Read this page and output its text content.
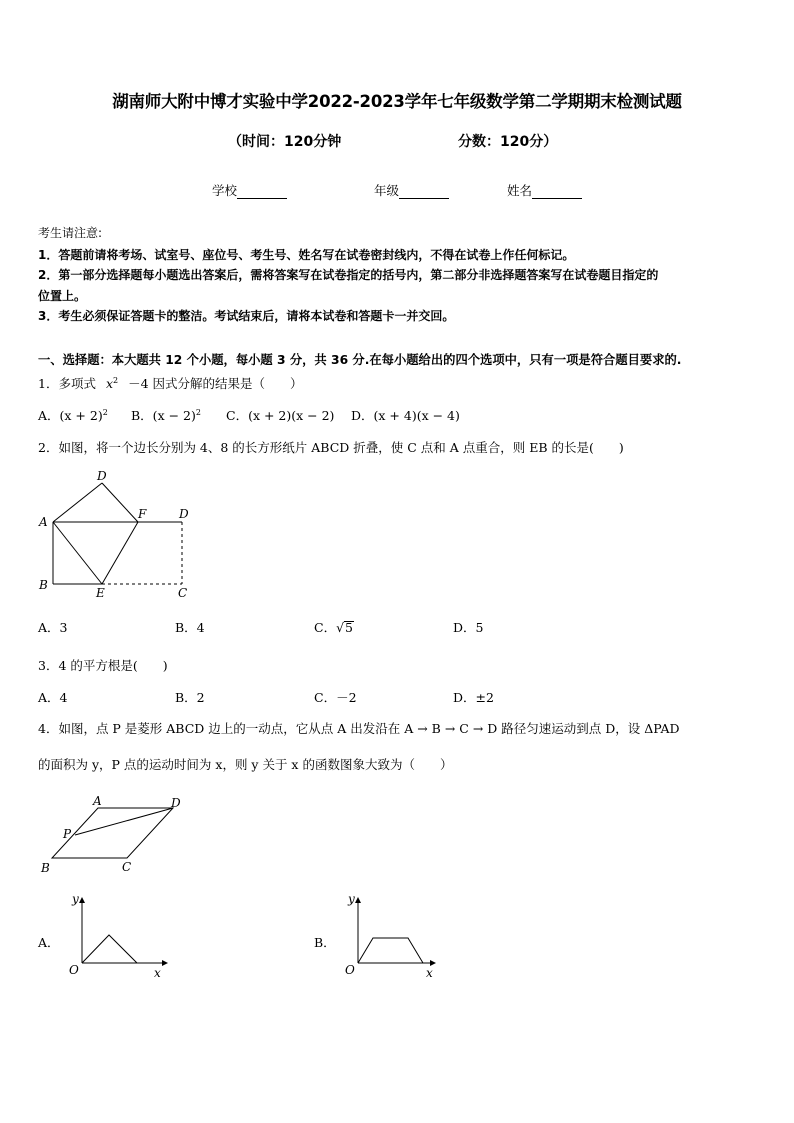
湖南师大附中博才实验中学2022-2023学年七年级数学第二学期期末检测试题
（时间：120分钟	分数：120分）
学校	年级	姓名
考生请注意:
1．答题前请将考场、试室号、座位号、考生号、姓名写在试卷密封线内，不得在试卷上作任何标记。
2．第一部分选择题每小题选出答案后，需将答案写在试卷指定的括号内，第二部分非选择题答案写在试卷题目指定的
位置上。
3．考生必须保证答题卡的整洁。考试结束后，请将本试卷和答题卡一并交回。
一、选择题：本大题共 12 个小题，每小题 3 分，共 36 分.在每小题给出的四个选项中，只有一项是符合题目要求的.
1．多项式 $x^2 -4$ 因式分解的结果是（　　）
A．$(x + 2)^2$ B．$(x - 2)^2$ C．(x + 2)(x − 2) D．(x + 4)(x − 4)
2．如图，将一个边长分别为 4、8 的长方形纸片 ABCD 折叠，使 C 点和 A 点重合，则 EB 的长是(　　)
D
A
F	D
B
E	C
A．3	B．4	C．√5	D．5
3．4 的平方根是(　　)
A．4	B．2	C．－2	D．±2
4．如图，点 P 是菱形 ABCD 边上的一动点，它从点 A 出发沿在 A → B → C → D 路径匀速运动到点 D，设 ΔPAD
的面积为 y，P 点的运动时间为 x，则 y 关于 x 的函数图象大致为（　　）
A	D
P
B	C
A．
y
x
O
B．
y
x
O
